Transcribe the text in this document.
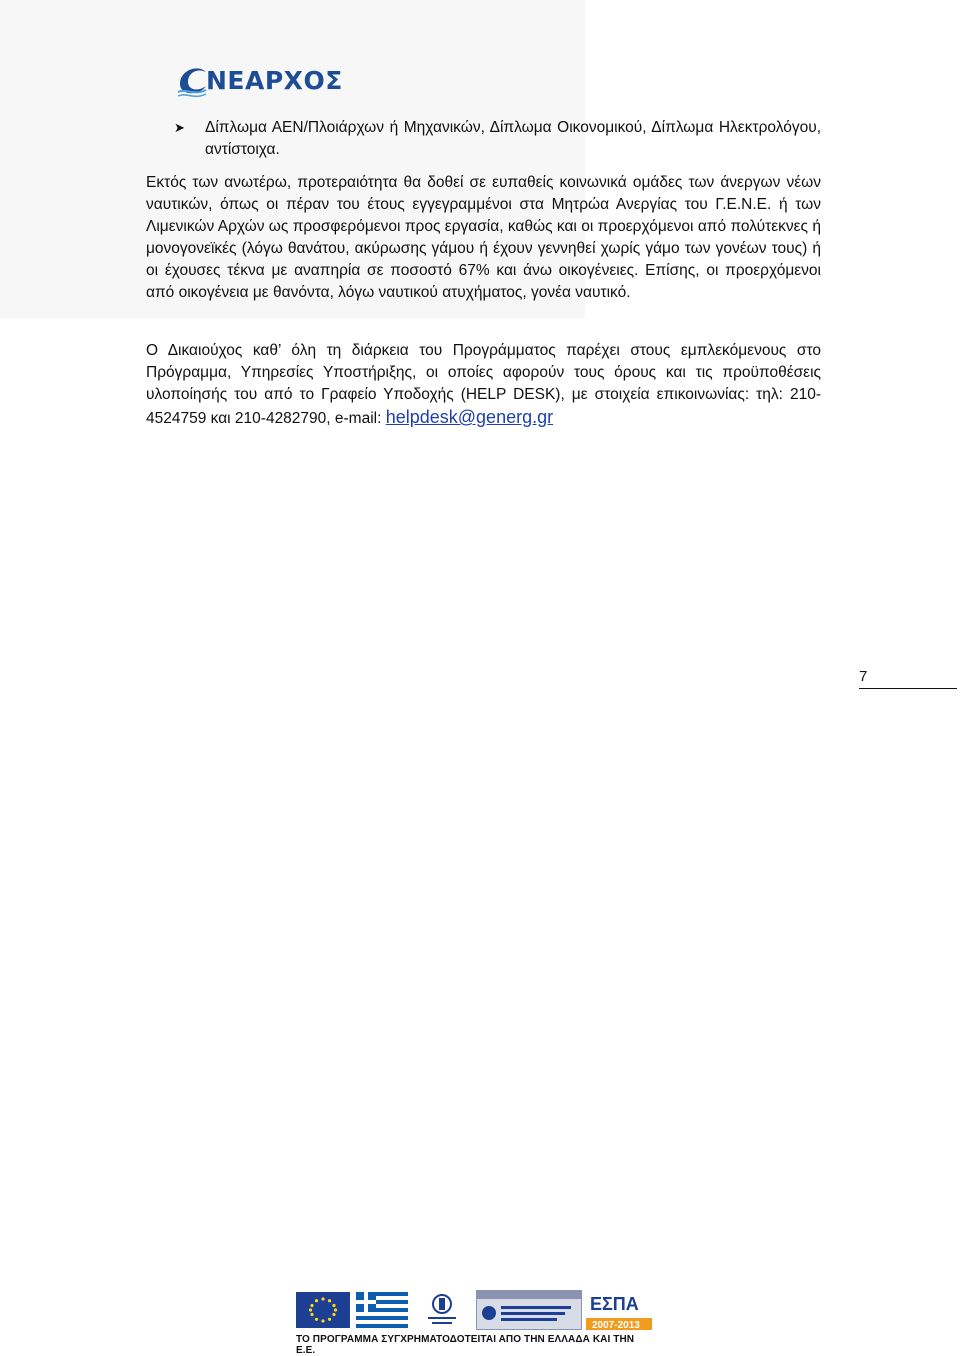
ΝΕΑΡΧΟΣ
➤ Δίπλωμα ΑΕΝ/Πλοιάρχων ή Μηχανικών, Δίπλωμα Οικονομικού, Δίπλωμα Ηλεκτρολόγου, αντίστοιχα.
Εκτός των ανωτέρω, προτεραιότητα θα δοθεί σε ευπαθείς κοινωνικά ομάδες των άνεργων νέων ναυτικών, όπως οι πέραν του έτους εγγεγραμμένοι στα Μητρώα Ανεργίας του Γ.Ε.Ν.Ε. ή των Λιμενικών Αρχών ως προσφερόμενοι προς εργασία, καθώς και οι προερχόμενοι από πολύτεκνες ή μονογονεϊκές (λόγω θανάτου, ακύρωσης γάμου ή έχουν γεννηθεί χωρίς γάμο των γονέων τους) ή οι έχουσες τέκνα με αναπηρία σε ποσοστό 67% και άνω οικογένειες. Επίσης, οι προερχόμενοι από οικογένεια με θανόντα, λόγω ναυτικού ατυχήματος, γονέα ναυτικό.
Ο Δικαιούχος καθ’ όλη τη διάρκεια του Προγράμματος παρέχει στους εμπλεκόμενους στο Πρόγραμμα, Υπηρεσίες Υποστήριξης, οι οποίες αφορούν τους όρους και τις προϋποθέσεις υλοποίησής του από το Γραφείο Υποδοχής (HELP DESK), με στοιχεία επικοινωνίας: τηλ: 210-4524759 και 210-4282790, e-mail: helpdesk@generg.gr
7
ΕΣΠΑ
2007-2013
ΤΟ ΠΡΟΓΡΑΜΜΑ ΣΥΓΧΡΗΜΑΤΟΔΟΤΕΙΤΑΙ ΑΠΟ ΤΗΝ ΕΛΛΑΔΑ ΚΑΙ ΤΗΝ Ε.Ε.
